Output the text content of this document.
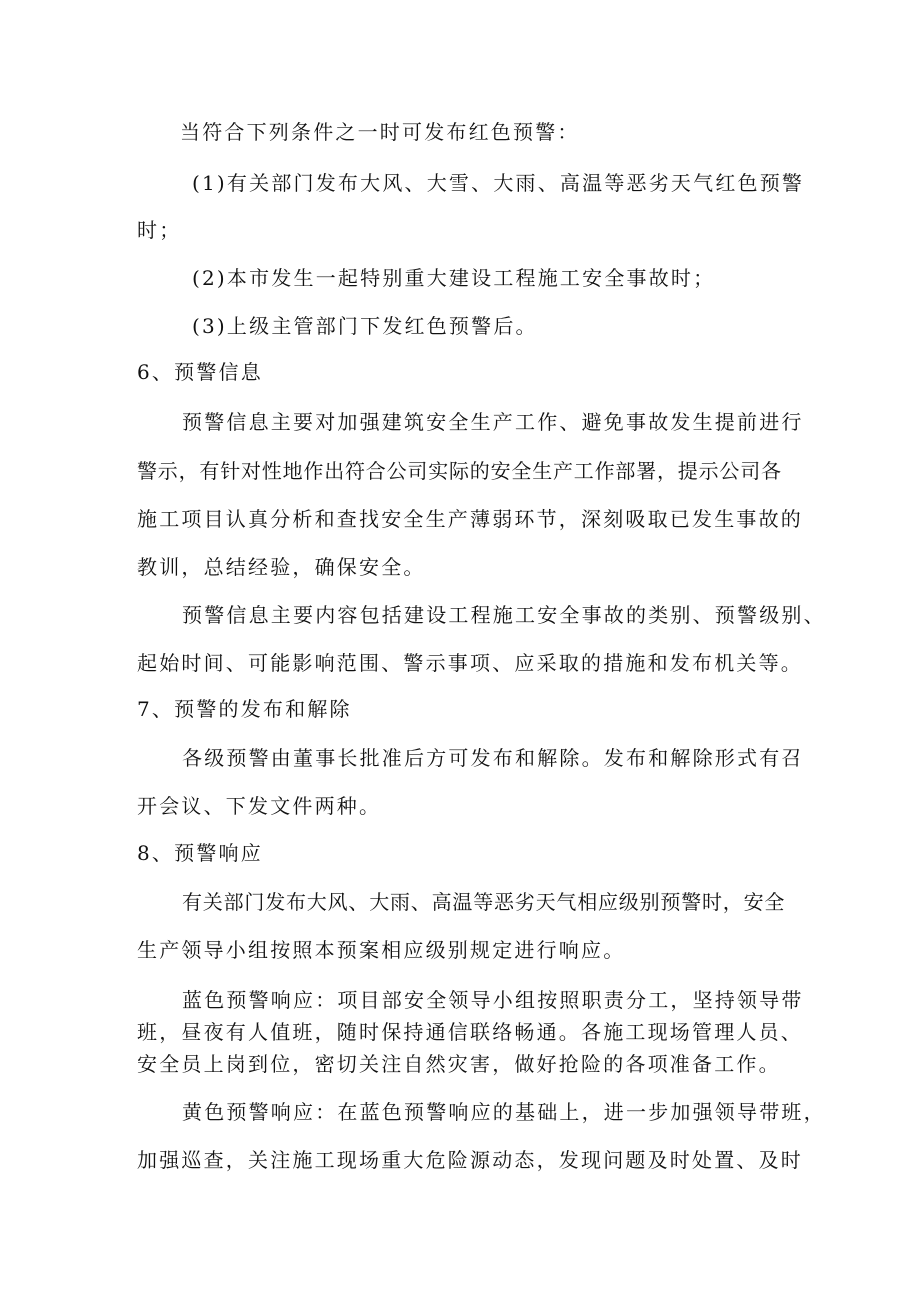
当符合下列条件之一时可发布红色预警：
(1)有关部门发布大风、大雪、大雨、高温等恶劣天气红色预警
时；
(2)本市发生一起特别重大建设工程施工安全事故时；
(3)上级主管部门下发红色预警后。
6、预警信息
预警信息主要对加强建筑安全生产工作、避免事故发生提前进行
警示，有针对性地作出符合公司实际的安全生产工作部署，提示公司各
施工项目认真分析和查找安全生产薄弱环节，深刻吸取已发生事故的
教训，总结经验，确保安全。
预警信息主要内容包括建设工程施工安全事故的类别、预警级别、
起始时间、可能影响范围、警示事项、应采取的措施和发布机关等。
7、预警的发布和解除
各级预警由董事长批准后方可发布和解除。发布和解除形式有召
开会议、下发文件两种。
8、预警响应
有关部门发布大风、大雨、高温等恶劣天气相应级别预警时，安全
生产领导小组按照本预案相应级别规定进行响应。
蓝色预警响应：项目部安全领导小组按照职责分工，坚持领导带
班，昼夜有人值班，随时保持通信联络畅通。各施工现场管理人员、
安全员上岗到位，密切关注自然灾害，做好抢险的各项准备工作。
黄色预警响应：在蓝色预警响应的基础上，进一步加强领导带班，
加强巡查，关注施工现场重大危险源动态，发现问题及时处置、及时
